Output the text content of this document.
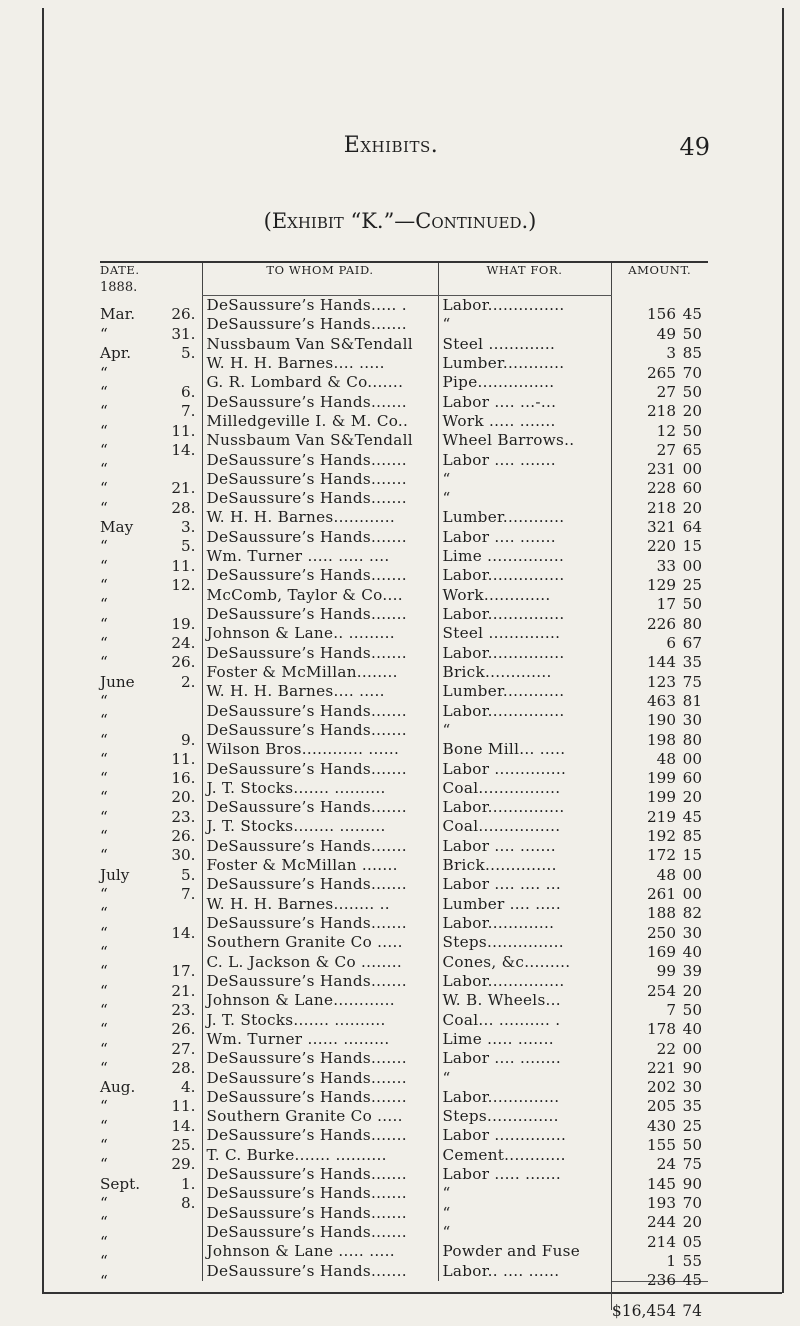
Exhibits.	49
(Exhibit “K.”—Continued.)
DATE.
1888.	TO WHOM PAID.	WHAT FOR.	AMOUNT.

Mar. 26.	DeSaussure’s Hands..... .	Labor...............	156 45

“ 31.	DeSaussure’s Hands.......	“	49 50

Apr. 5.	Nussbaum Van S&Tendall	Steel .............	3 85

“	W. H. H. Barnes.... .....	Lumber............	265 70

“ 6.	G. R. Lombard & Co.......	Pipe...............	27 50

“ 7.	DeSaussure’s Hands.......	Labor .... ...-...	218 20

“ 11.	Milledgeville I. & M. Co..	Work ..... .......	12 50

“ 14.	Nussbaum Van S&Tendall	Wheel Barrows..	27 65

“	DeSaussure’s Hands.......	Labor .... .......	231 00

“ 21.	DeSaussure’s Hands.......	“	228 60

“ 28.	DeSaussure’s Hands.......	“	218 20

May 3.	W. H. H. Barnes............	Lumber............	321 64

“ 5.	DeSaussure’s Hands.......	Labor .... .......	220 15

“ 11.	Wm. Turner ..... ..... ....	Lime ...............	33 00

“ 12.	DeSaussure’s Hands.......	Labor...............	129 25

“	McComb, Taylor & Co....	Work.............	17 50

“ 19.	DeSaussure’s Hands.......	Labor...............	226 80

“ 24.	Johnson & Lane.. .........	Steel ..............	6 67

“ 26.	DeSaussure’s Hands.......	Labor...............	144 35

June 2.	Foster & McMillan........	Brick.............	123 75

“	W. H. H. Barnes.... .....	Lumber............	463 81

“	DeSaussure’s Hands.......	Labor...............	190 30

“ 9.	DeSaussure’s Hands.......	“	198 80

“ 11.	Wilson Bros............ ......	Bone Mill... .....	48 00

“ 16.	DeSaussure’s Hands.......	Labor ..............	199 60

“ 20.	J. T. Stocks....... ..........	Coal................	199 20

“ 23.	DeSaussure’s Hands.......	Labor...............	219 45

“ 26.	J. T. Stocks........ .........	Coal................	192 85

“ 30.	DeSaussure’s Hands.......	Labor .... .......	172 15

July 5.	Foster & McMillan .......	Brick..............	48 00

“ 7.	DeSaussure’s Hands.......	Labor .... .... ...	261 00

“	W. H. H. Barnes........ ..	Lumber .... .....	188 82

“ 14.	DeSaussure’s Hands.......	Labor.............	250 30

“	Southern Granite Co .....	Steps...............	169 40

“ 17.	C. L. Jackson & Co ........	Cones, &c.........	99 39

“ 21.	DeSaussure’s Hands.......	Labor...............	254 20

“ 23.	Johnson & Lane............	W. B. Wheels...	7 50

“ 26.	J. T. Stocks....... ..........	Coal... .......... .	178 40

“ 27.	Wm. Turner ...... .........	Lime ..... .......	22 00

“ 28.	DeSaussure’s Hands.......	Labor .... ........	221 90

Aug. 4.	DeSaussure’s Hands.......	“	202 30

“ 11.	DeSaussure’s Hands.......	Labor..............	205 35

“ 14.	Southern Granite Co .....	Steps..............	430 25

“ 25.	DeSaussure’s Hands.......	Labor ..............	155 50

“ 29.	T. C. Burke....... ..........	Cement............	24 75

Sept. 1.	DeSaussure’s Hands.......	Labor ..... .......	145 90

“ 8.	DeSaussure’s Hands.......	“	193 70

“	DeSaussure’s Hands.......	“	244 20

“	DeSaussure’s Hands.......	“	214 05

“	Johnson & Lane ..... .....	Powder and Fuse	1 55

“	DeSaussure’s Hands.......	Labor.. .... ......	236 45

			$16,454 74
